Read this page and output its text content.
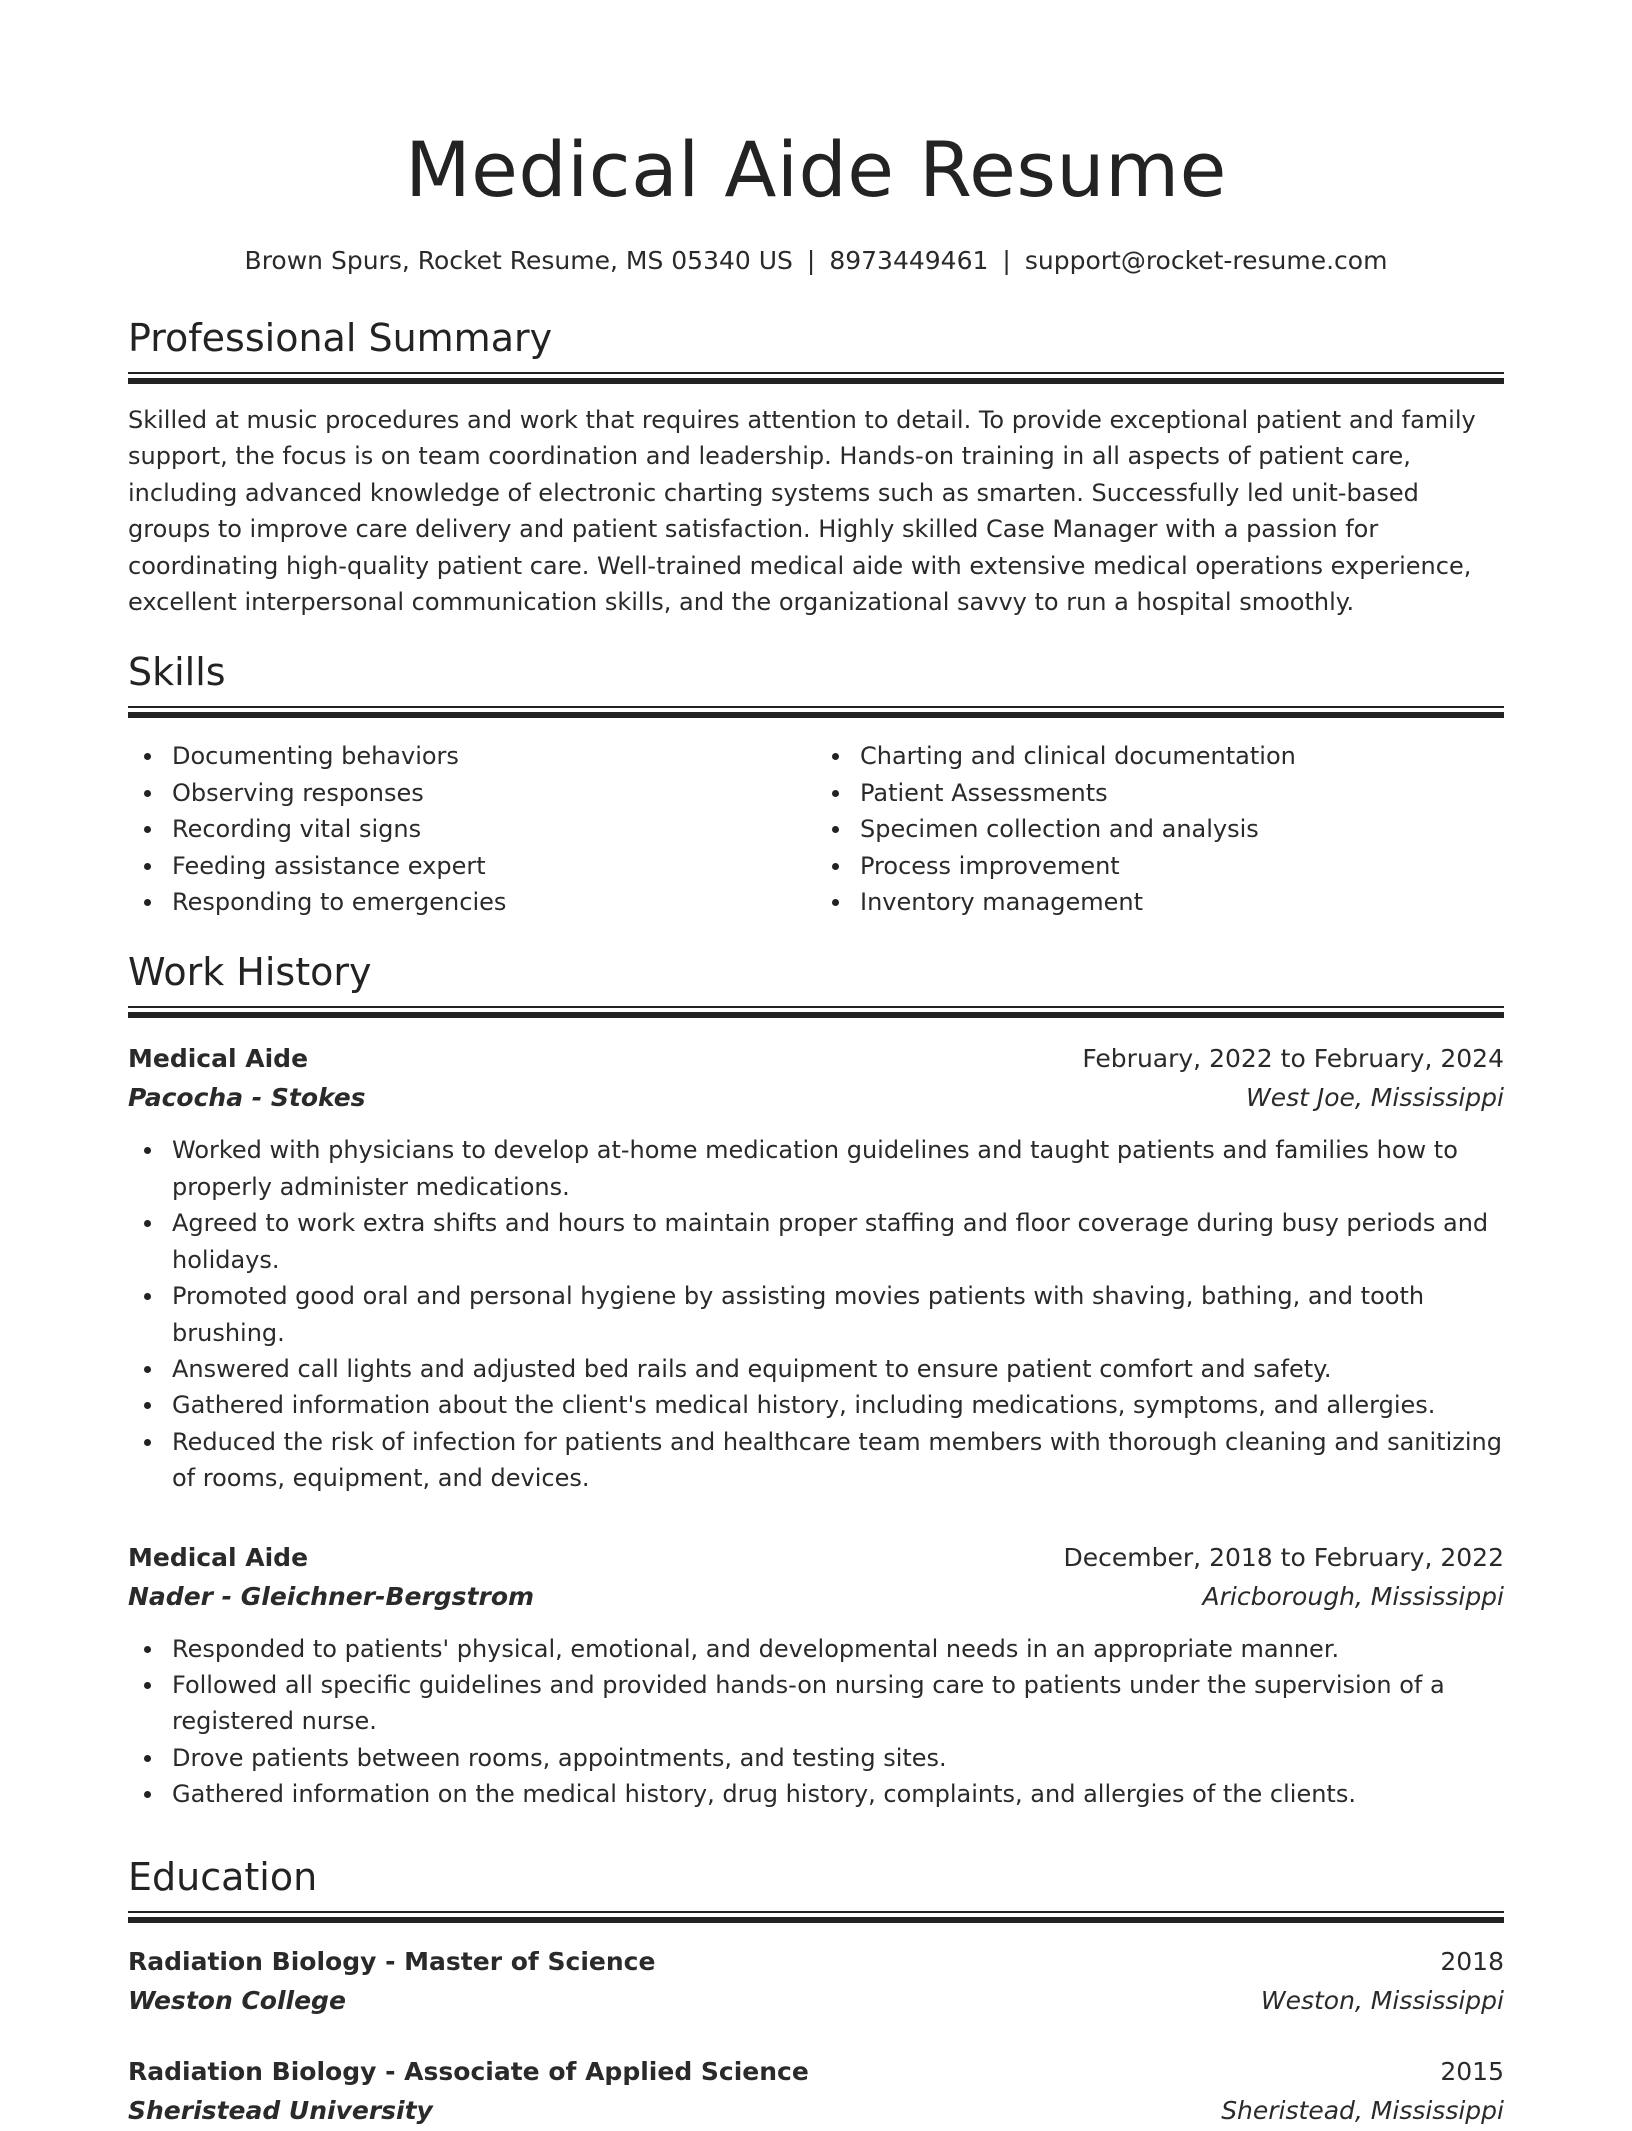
Medical Aide Resume
Brown Spurs, Rocket Resume, MS 05340 US | 8973449461 | support@rocket-resume.com
Professional Summary

Skilled at music procedures and work that requires attention to detail. To provide exceptional patient and family support, the focus is on team coordination and leadership. Hands-on training in all aspects of patient care, including advanced knowledge of electronic charting systems such as smarten. Successfully led unit-based groups to improve care delivery and patient satisfaction. Highly skilled Case Manager with a passion for coordinating high-quality patient care. Well-trained medical aide with extensive medical operations experience, excellent interpersonal communication skills, and the organizational savvy to run a hospital smoothly.

Skills
Documenting behaviors
Observing responses
Recording vital signs
Feeding assistance expert
Responding to emergencies
Charting and clinical documentation
Patient Assessments
Specimen collection and analysis
Process improvement
Inventory management
Work History
Medical Aide	February, 2022 to February, 2024
Pacocha - Stokes	West Joe, Mississippi
Worked with physicians to develop at-home medication guidelines and taught patients and families how to properly administer medications.
Agreed to work extra shifts and hours to maintain proper staffing and floor coverage during busy periods and holidays.
Promoted good oral and personal hygiene by assisting movies patients with shaving, bathing, and tooth brushing.
Answered call lights and adjusted bed rails and equipment to ensure patient comfort and safety.
Gathered information about the client's medical history, including medications, symptoms, and allergies.
Reduced the risk of infection for patients and healthcare team members with thorough cleaning and sanitizing of rooms, equipment, and devices.
Medical Aide	December, 2018 to February, 2022
Nader - Gleichner-Bergstrom	Aricborough, Mississippi
Responded to patients' physical, emotional, and developmental needs in an appropriate manner.
Followed all specific guidelines and provided hands-on nursing care to patients under the supervision of a registered nurse.
Drove patients between rooms, appointments, and testing sites.
Gathered information on the medical history, drug history, complaints, and allergies of the clients.
Education
Radiation Biology - Master of Science	2018
Weston College	Weston, Mississippi
Radiation Biology - Associate of Applied Science	2015
Sheristead University	Sheristead, Mississippi
